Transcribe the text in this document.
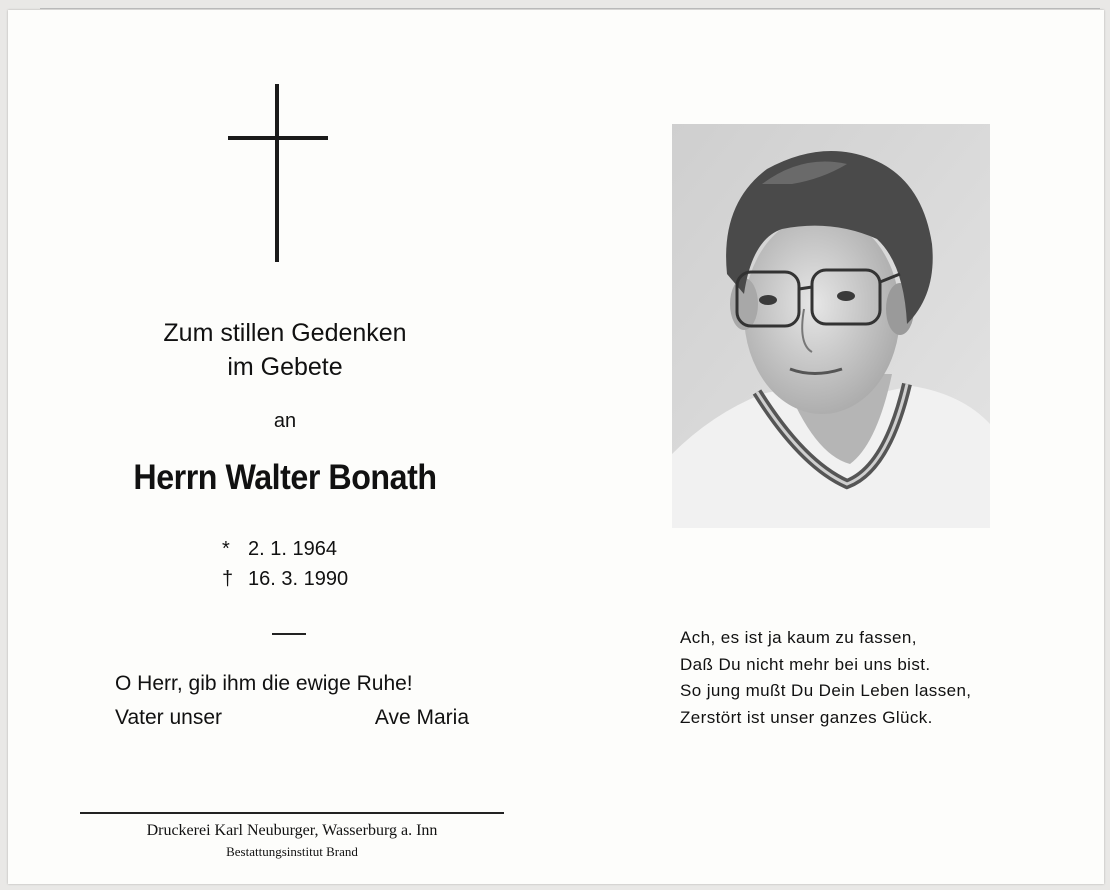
Zum stillen Gedenken
im Gebete
an
Herrn Walter Bonath
* 2. 1. 1964
† 16. 3. 1990
O Herr, gib ihm die ewige Ruhe!
Vater unser	Ave Maria
Druckerei Karl Neuburger, Wasserburg a. Inn
Bestattungsinstitut Brand
Ach, es ist ja kaum zu fassen,
Daß Du nicht mehr bei uns bist.
So jung mußt Du Dein Leben lassen,
Zerstört ist unser ganzes Glück.
